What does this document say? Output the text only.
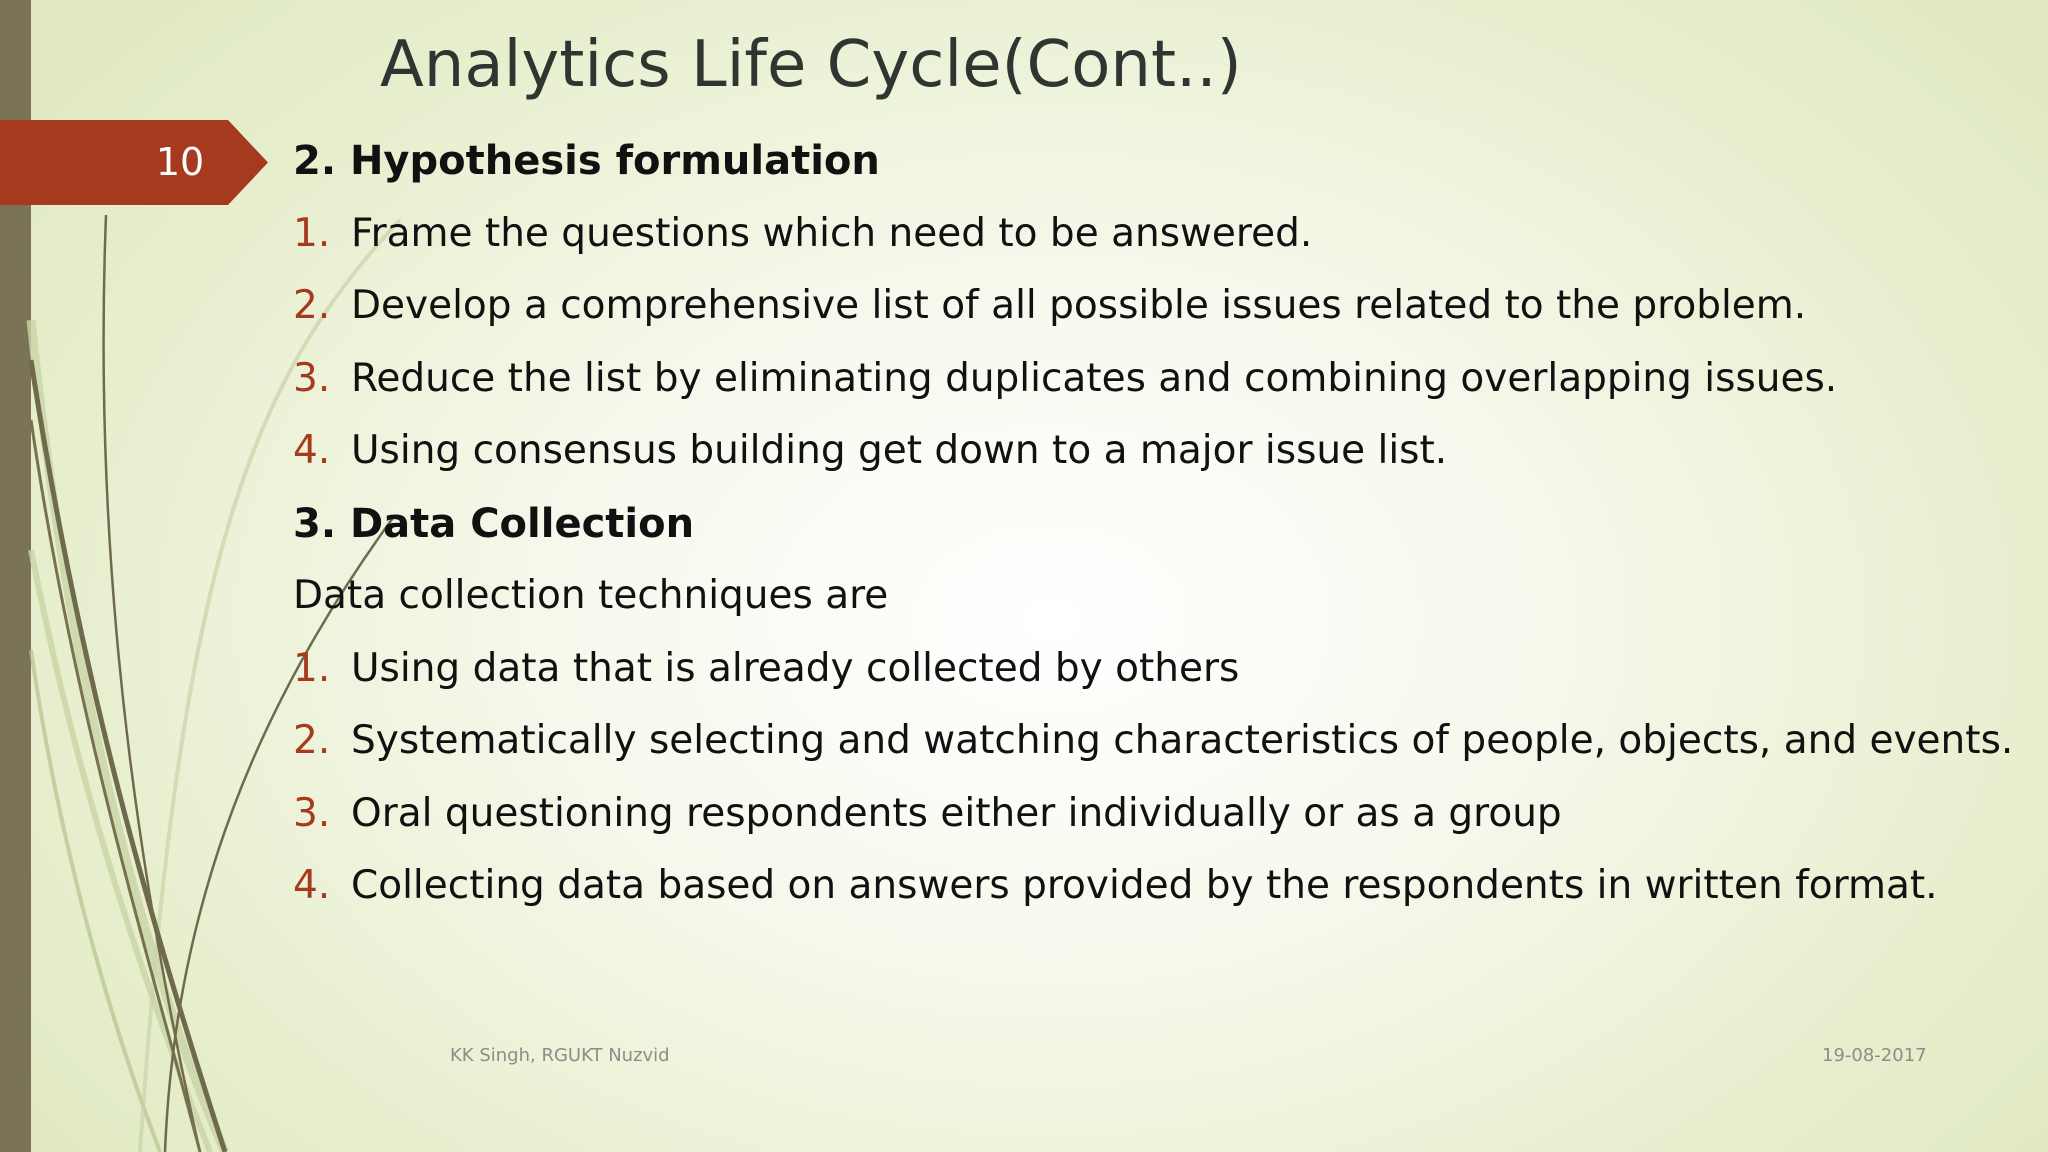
10
Analytics Life Cycle(Cont..)
2. Hypothesis formulation
1. Frame the questions which need to be answered.
2. Develop a comprehensive list of all possible issues related to the problem.
3. Reduce the list by eliminating duplicates and combining overlapping issues.
4. Using consensus building get down to a major issue list.
3. Data Collection
Data collection techniques are
1. Using data that is already collected by others
2. Systematically selecting and watching characteristics of people, objects, and events.
3. Oral questioning respondents either individually or as a group
4. Collecting data based on answers provided by the respondents in written format.
KK Singh, RGUKT Nuzvid	19-08-2017
